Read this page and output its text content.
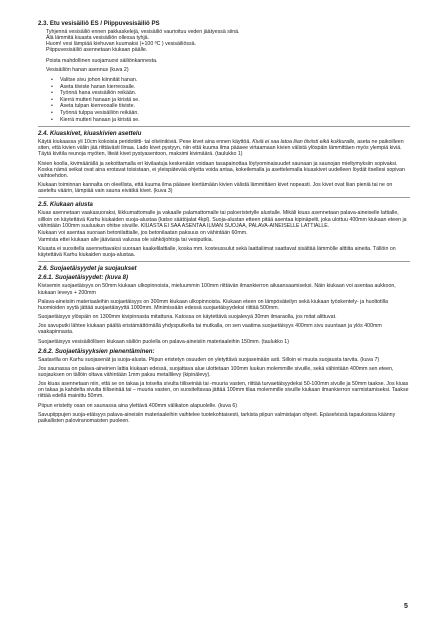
2.3. Etu vesisäiliö ES / Piippuvesisäiliö PS
Tyhjennä vesisäiliö ennen pakkaskelejä, vesisäiliö vaurioituu veden jäätyessä siinä.
Älä lämmitä kiuasta vesisäiliön ollessa tyhjä.
Huom! vesi lämpiää kiehuvan kuumaksi (+100 ºC ) vesisäiliössä.
Piippuvesisäiliö asennetaan kiukaan päälle.
Poista mahdollinen suojamuovi säiliönkannesta.
Vesisäiliön hanan asennus (kuva 2)
• Valitse sivu johon kiinnität hanan.
• Aseta tiiviste hanan kierreosalle.
• Työnnä hana vesisäiliön reikään.
• Kierrä mutteri hanaan ja kiristä se.
• Aseta tulpan kierreosalle tiiviste.
• Työnnä tulppa vesisäiliön reikään.
• Kierrä mutteri hanaan ja kiristä se.
2.4. Kiuaskivet, kiuaskivien asettelu
Käytä kiukaassa yli 10cm kokoisia peridotiitti- tai oliviinikiviä. Pese kivet aina ennen käyttöä. Kiviä ei saa latoa liian tiiviisti eikä kukkuralle, aseta ne paikoilleen siten, että kivien väliin jää riittävästi ilmaa. Lado kivet pystyyn, niin että kuuma ilma pääsee virtaamaan kivien välistä ylöspäin lämmittäen myös ylempiä kiviä. Täytä kivitila reunoja myöten, liteät kivet pystyasentoon, maksimi kivimäärä. (taulukko 1)
Kivien koolla, kivimäärällä ja sekoittamalla eri kivilaatuja keskenään voidaan tasapainottaa löylyominaisuudet saunaan ja saunojan mieltymyksiin sopivaksi. Koska nämä seikat ovat aina erotavat toisistaan, ei yleispätevää ohjetta voida antaa, kokeilemalla ja asettelemalla kiuaskivet uudelleen löydät itsellesi sopivan vaihtoehdon.
Kiukaan toiminnan kannalta on oleellista, että kuuma ilma pääsee kiertämään kivien välistä lämmittäen kivet nopeasti. Jos kivet ovat liian pieniä tai ne on aseteltu väärin, lämpiää vain sauna eivätkä kivet. (kuva 3)
2.5. Kiukaan alusta
Kiuas asennetaan vaakasuoraksi, liikkumattomalle ja vakaalle palamattomalle tai paloeristetylle alustalle. Mikäli kiuas asennetaan palava-aineiselle lattialle, sillloin on käytettävä Karhu kiukaiden suoja-alustaa (katso säätöjalat 4kpl). Suoja-alustan etteen pitää asentaa kipinäpelti, joka ulottuu 400mm kiukaan eteen ja vähintään 100mm suuluukun ohitse sivuille. KIUASTA EI SAA ASENTAA ILMAN SUOJAA, PALAVA-AINEISELLE LATTIALLE.
Kiukaan voi asentaa suoraan betonilattialle, jos betonilaatan paksuus on vähintään 60mm.
Varmista ettei kiukaan alle jäävässä valussa ole sähköjohtoja tai vesiputkia.
Kiuasta ei suositella asennettavaksi suoraan kaakelilattialle, koska mm. kosteussulut sekä laattaliimat saattavat sisältää lämmölle alttiita aineita. Tällöin on käytettävä Karhu kiukaiden suoja-alustaa.
2.6. Suojaetäisyydet ja suojaukset
2.6.1. Suojaetäisyydet: (kuva 8)
Kivisemin suojaetäisyys on 50mm kiukaan ulkopinnoista, mieluummin 100mm riittävän ilmankierron aikaansaamiseksi. Näin kiukaan voi asentaa aukkoon, kiukaan leveys + 200mm
Palava-aineisiin materiaaleihin suojaetäisyys on 300mm kiukaan ulkopinnoista. Kiukaan eteen on lämpösäteilyn sekä kiukaan työskentely- ja huoltotilla huomioiden syytä jättää suojaetäisyyttä 1000mm. Minimissään edessä suojaetäisyydeksi riittää 500mm.
Suojaetäisyys ylöspäin on 1300mm kivipinnasta mitattuna. Katossa on käytettävä suojalevyä 30mm ilmaraolla, jos mitat alittuvat.
Jos savuputki lähtee kiukaan päältä eristämättömällä yhdysputkella tai mutkalla, on sen vaatima suojaetäisyys 400mm sivu suuntaan ja ylös 400mm vaakapinnasta.
Suojaetäisyys vesisäiliöllisen kiukaan säiliön puolella on palava-aineisiin materiaaleihin 150mm. (taulukko 1)
2.6.2. Suojaetäisyyksien pienentäminen:
Saatavilla on Karhu suojasenät ja suoja-alusta. Piipun eristetyn osuuden on yletyttävä suojaseinään asti. Silloin ei muuta suojausta tarvita. (kuva 7)
Jos saunassa on palava-aineinen lattia kiukaan edessä, suojattava alue ulottetaan 100mm luukun molemmille sivuille, sekä vähintään 400mm sen eteen, suojauksen on tällöin oltava vähintään 1mm paksu metallilevy (kipinälevy).
Jos kiuas asennetaan niin, että se on takaa ja toiselta sivulta tiiliseinää tai -muuria vasten, riittää turvaetäisyydeksi 50-100mm sivulle ja 50mm taakse. Jos kiuas on takaa ja kahdelta sivulta tiiliseinää tai – muuria vasten, on suositeltavaa jättää 100mm tilaa molemmille sivuille kiukaan ilmankierron varmistamiseksi. Taakse riittää edellä mainittu 50mm.
Piipun eristetty osan on saunassa aina ylettävä 400mm välikaton alapuolelle. (kuva 6)
Savupiippujen suoja-etäisyys palava-aineisiin materiaaleihin vaihtelee tuotekohtaisesti, tarkista piipun valmistajan ohjeet. Epäselvissä tapauksissa käänny paikallisten paloviranomaisten puoleen.
5
